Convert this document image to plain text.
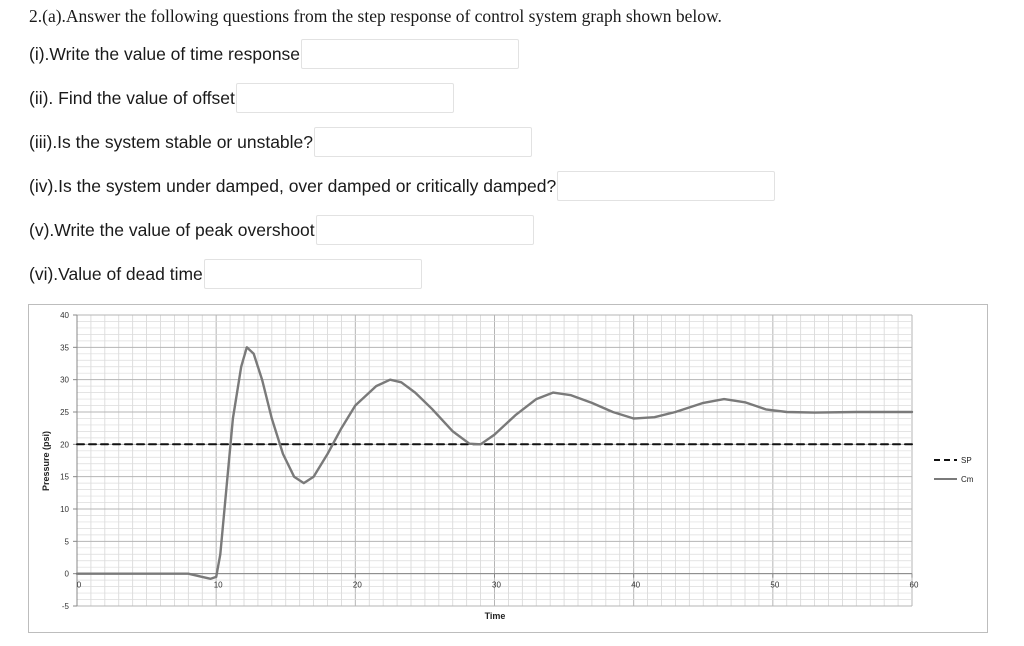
2.(a).Answer the following questions from the step response of control system graph shown below.
(i).Write the value of time response
(ii). Find the value of offset
(iii).Is the system stable or unstable?
(iv).Is the system under damped, over damped or critically damped?
(v).Write the value of peak overshoot
(vi).Value of dead time
-5
0
5
10
15
20
25
30
35
40
0	10	20	30	40	50	60
Time
Pressure (psi)	SP
Cm
